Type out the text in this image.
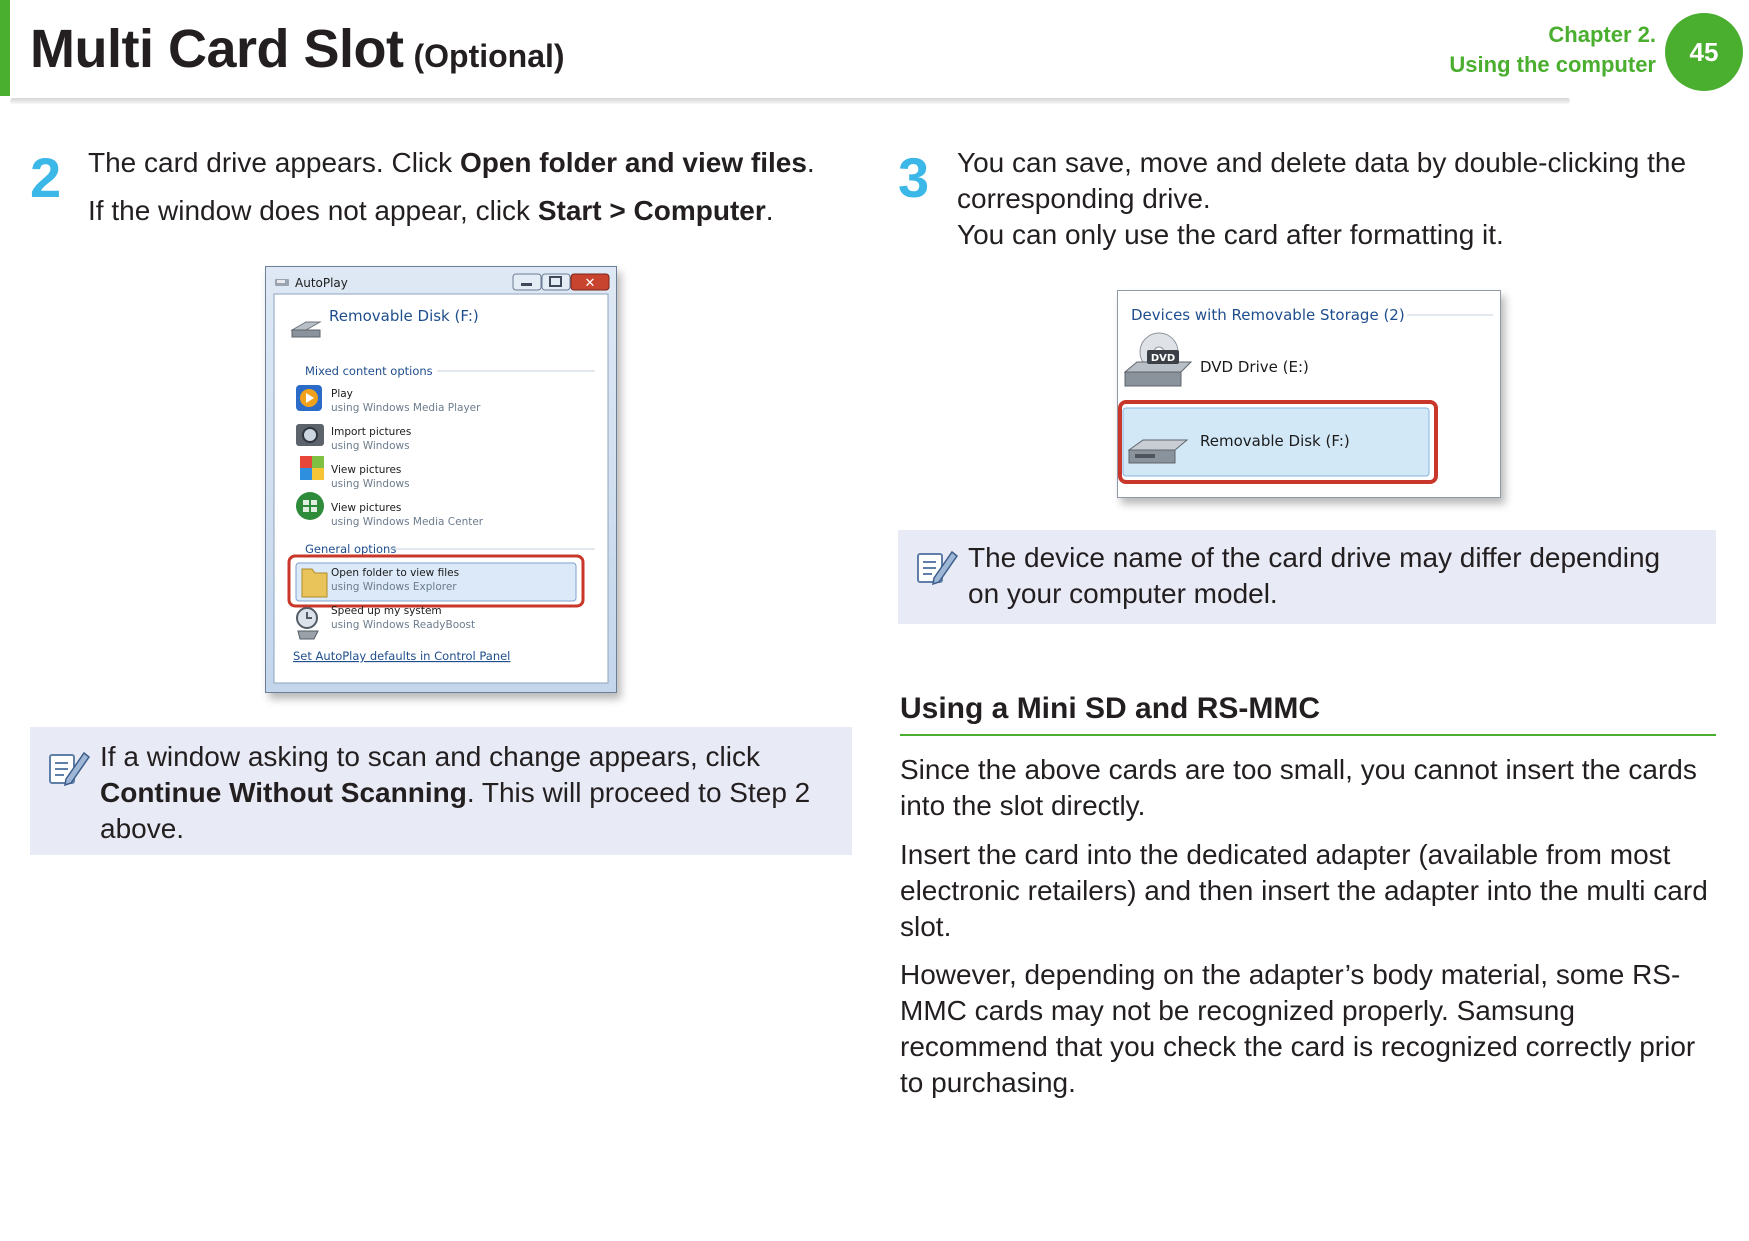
Multi Card Slot (Optional)
Chapter 2.
Using the computer	45
2 The card drive appears. Click Open folder and view files.
If the window does not appear, click Start > Computer.
AutoPlay	✕
Removable Disk (F:)
Mixed content options
Play
using Windows Media Player
Import pictures
using Windows
View pictures
using Windows
View pictures
using Windows Media Center
General options
Open folder to view files
using Windows Explorer
Speed up my system
using Windows ReadyBoost
Set AutoPlay defaults in Control Panel
If a window asking to scan and change appears, click Continue Without Scanning. This will proceed to Step 2 above.
3 You can save, move and delete data by double-clicking the corresponding drive.
You can only use the card after formatting it.
Devices with Removable Storage (2)
DVD DVD Drive (E:)
Removable Disk (F:)
The device name of the card drive may differ depending on your computer model.
Using a Mini SD and RS-MMC
Since the above cards are too small, you cannot insert the cards into the slot directly.
Insert the card into the dedicated adapter (available from most electronic retailers) and then insert the adapter into the multi card slot.
However, depending on the adapter’s body material, some RS-MMC cards may not be recognized properly. Samsung recommend that you check the card is recognized correctly prior to purchasing.
